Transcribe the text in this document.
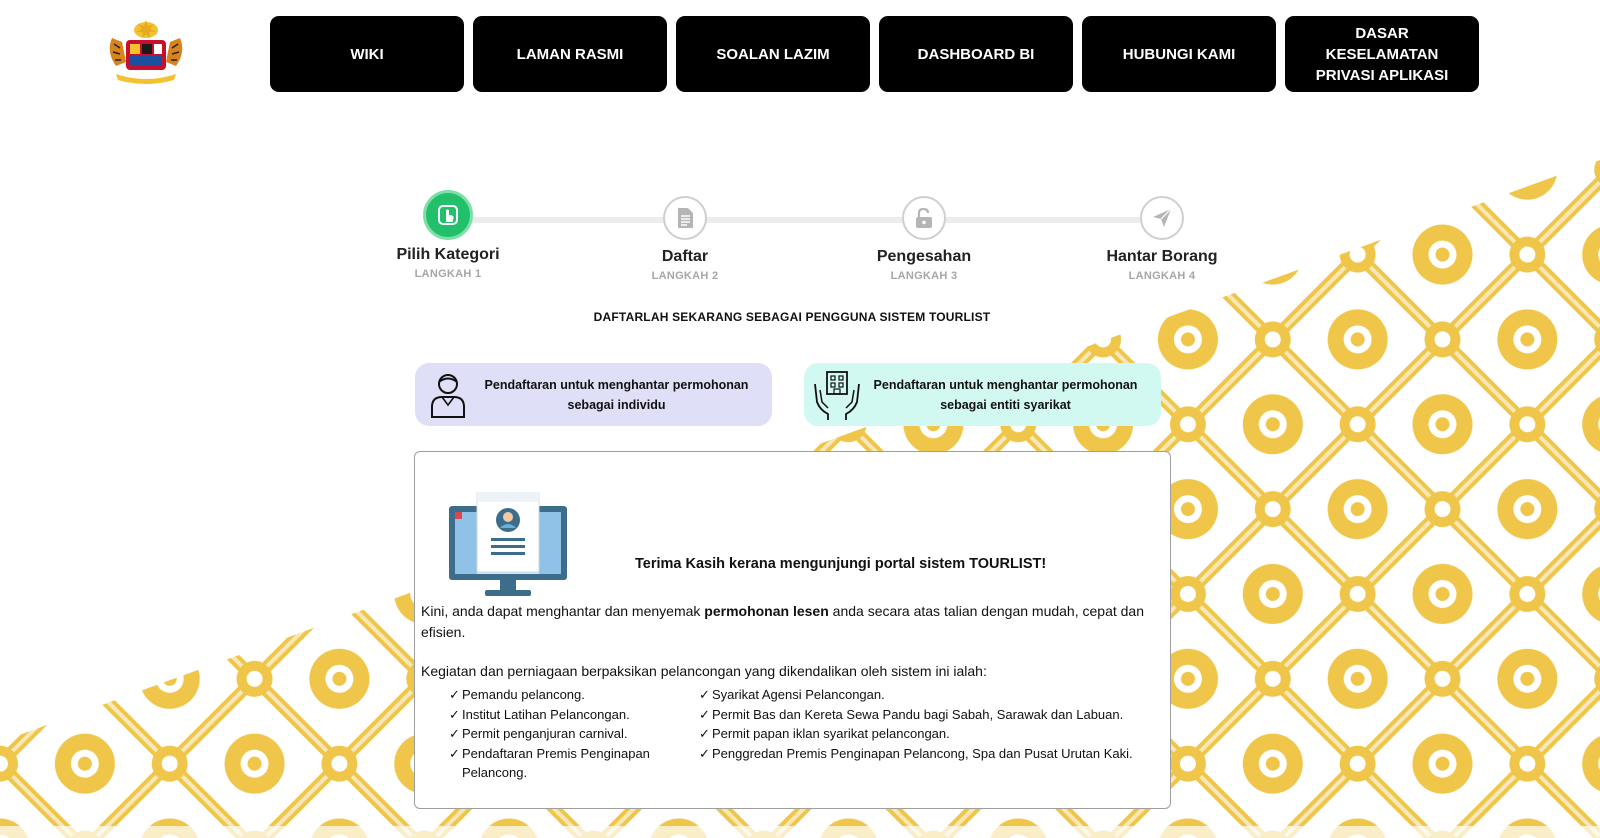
WIKI	LAMAN RASMI	SOALAN LAZIM	DASHBOARD BI	HUBUNGI KAMI
DASAR KESELAMATAN PRIVASI APLIKASI
Pilih Kategori
LANGKAH 1
Daftar
LANGKAH 2
Pengesahan
LANGKAH 3
Hantar Borang
LANGKAH 4
DAFTARLAH SEKARANG SEBAGAI PENGGUNA SISTEM TOURLIST
Pendaftaran untuk menghantar permohonan sebagai individu
Pendaftaran untuk menghantar permohonan sebagai entiti syarikat
Terima Kasih kerana mengunjungi portal sistem TOURLIST!

Kini, anda dapat menghantar dan menyemak permohonan lesen anda secara atas talian dengan mudah, cepat dan efisien.

Kegiatan dan perniagaan berpaksikan pelancongan yang dikendalikan oleh sistem ini ialah:
✓ Pemandu pelancong.
✓ Institut Latihan Pelancongan.
✓ Permit penganjuran carnival.
✓ Pendaftaran Premis Penginapan Pelancong.
✓ Syarikat Agensi Pelancongan.
✓ Permit Bas dan Kereta Sewa Pandu bagi Sabah, Sarawak dan Labuan.
✓ Permit papan iklan syarikat pelancongan.
✓ Penggredan Premis Penginapan Pelancong, Spa dan Pusat Urutan Kaki.
